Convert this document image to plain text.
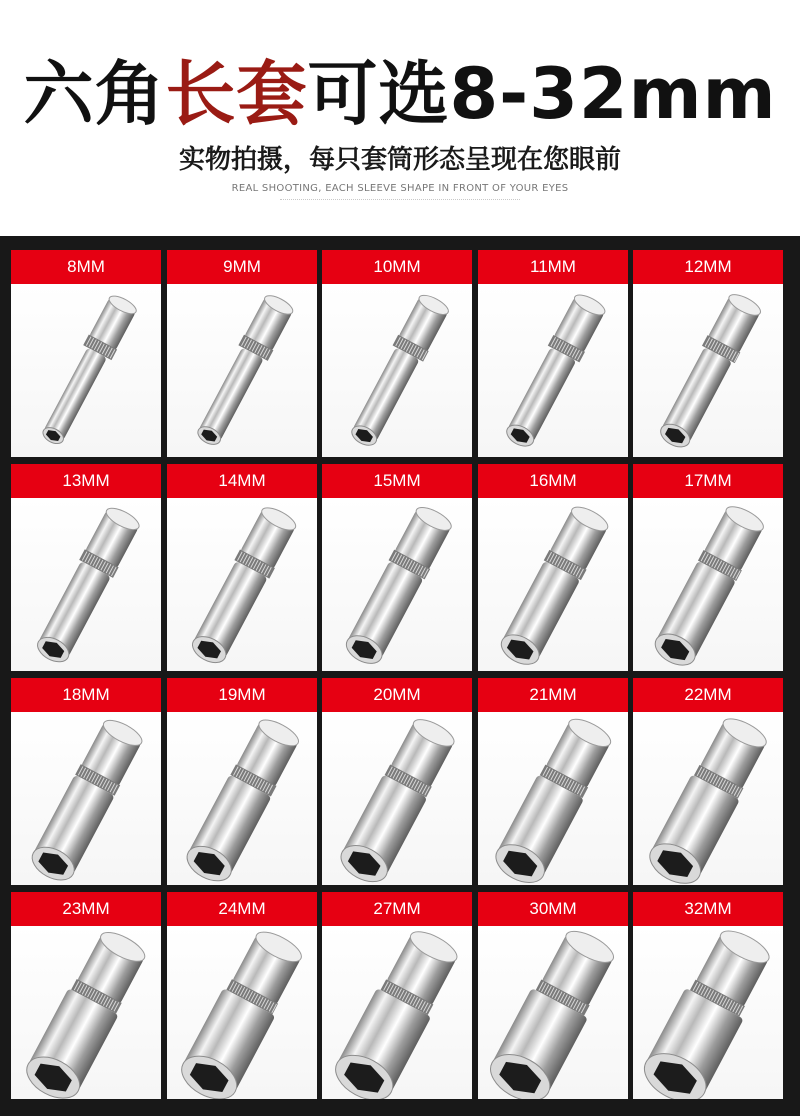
六角长套可选8-32mm
实物拍摄，每只套筒形态呈现在您眼前
REAL SHOOTING, EACH SLEEVE SHAPE IN FRONT OF YOUR EYES
8MM	9MM	10MM	11MM	12MM
13MM	14MM	15MM	16MM	17MM
18MM	19MM	20MM	21MM	22MM
23MM	24MM	27MM	30MM	32MM
